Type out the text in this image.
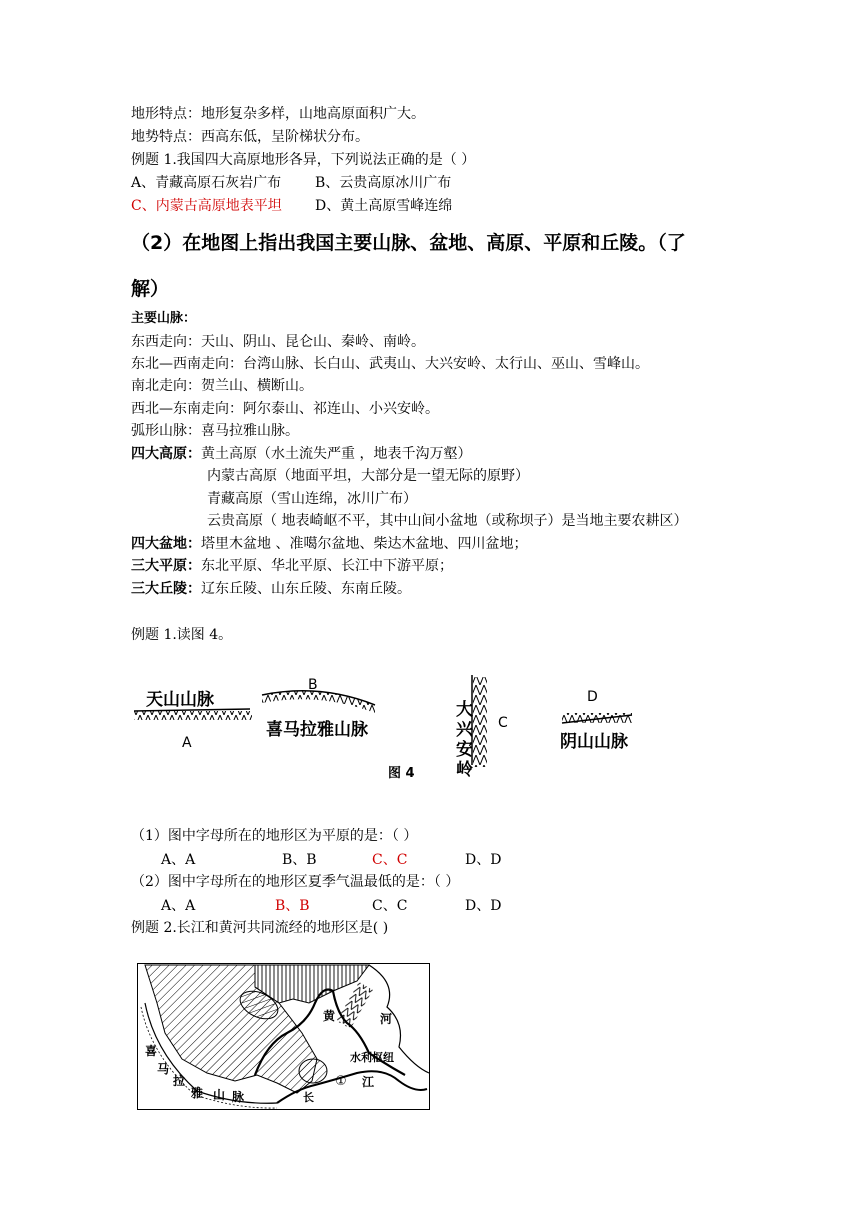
地形特点：地形复杂多样，山地高原面积广大。
地势特点：西高东低，呈阶梯状分布。
例题 1.我国四大高原地形各异，下列说法正确的是（ ）
A、青藏高原石灰岩广布 B、云贵高原冰川广布
C、内蒙古高原地表平坦 D、黄土高原雪峰连绵
（2）在地图上指出我国主要山脉、盆地、高原、平原和丘陵。（了
解）
主要山脉：
东西走向：天山、阴山、昆仑山、秦岭、南岭。
东北—西南走向：台湾山脉、长白山、武夷山、大兴安岭、太行山、巫山、雪峰山。
南北走向：贺兰山、横断山。
西北—东南走向：阿尔泰山、祁连山、小兴安岭。
弧形山脉：喜马拉雅山脉。
四大高原：黄土高原（水土流失严重 ，地表千沟万壑）
内蒙古高原（地面平坦，大部分是一望无际的原野）
青藏高原（雪山连绵，冰川广布）
云贵高原（ 地表崎岖不平，其中山间小盆地（或称坝子）是当地主要农耕区）
四大盆地：塔里木盆地 、准噶尔盆地、柴达木盆地、四川盆地；
三大平原：东北平原、华北平原、长江中下游平原；
三大丘陵：辽东丘陵、山东丘陵、东南丘陵。
例题 1.读图 4。
天山山脉
A
B
喜马拉雅山脉
大
兴
安
岭
C
D
阴山山脉
图 4
（1）图中字母所在的地形区为平原的是：（ ）
A、A	B、B	C、C	D、D
（2）图中字母所在的地形区夏季气温最低的是：（ ）
A、A	B、B	C、C	D、D
例题 2.长江和黄河共同流经的地形区是( )
黄	河
水利枢纽
① 江
长
喜
马
拉
雅 山 脉
